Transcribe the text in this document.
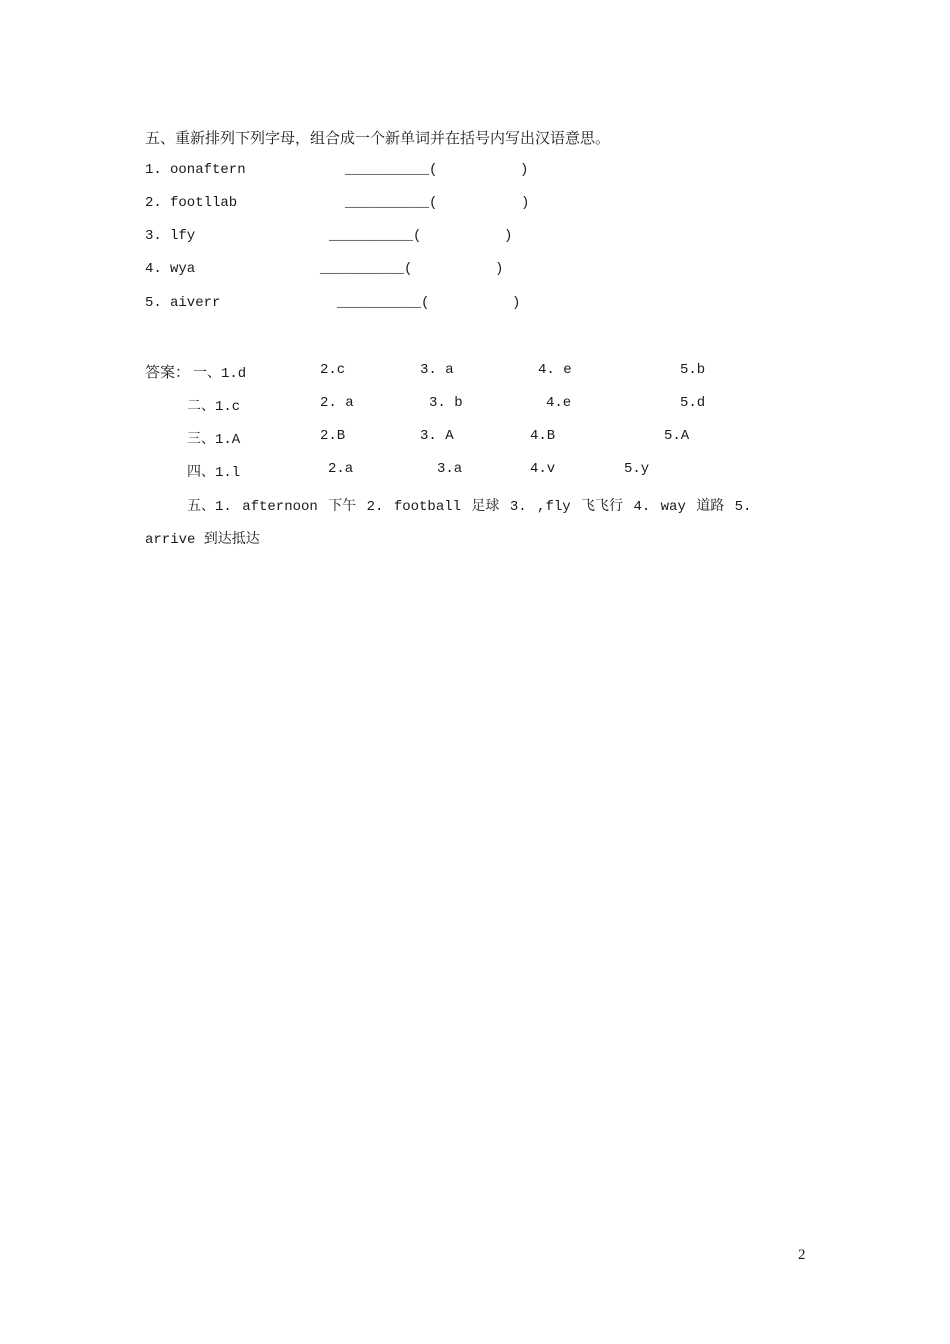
五、重新排列下列字母，组合成一个新单词并在括号内写出汉语意思。
1. oonaftern	__________(	)
2. footllab	__________(	)
3. lfy	__________(	)
4. wya	__________(	)
5. aiverr	__________(	)
答案： 一、1.d	2.c	3. a	4. e	5.b
二、1.c	2. a	3. b	4.e	5.d
三、1.A	2.B	3. A	4.B	5.A
四、1.l	2.a	3.a	4.v	5.y
五、1. afternoon 下午 2. football 足球 3. ,fly 飞飞行 4. way 道路 5.
arrive 到达抵达
2
